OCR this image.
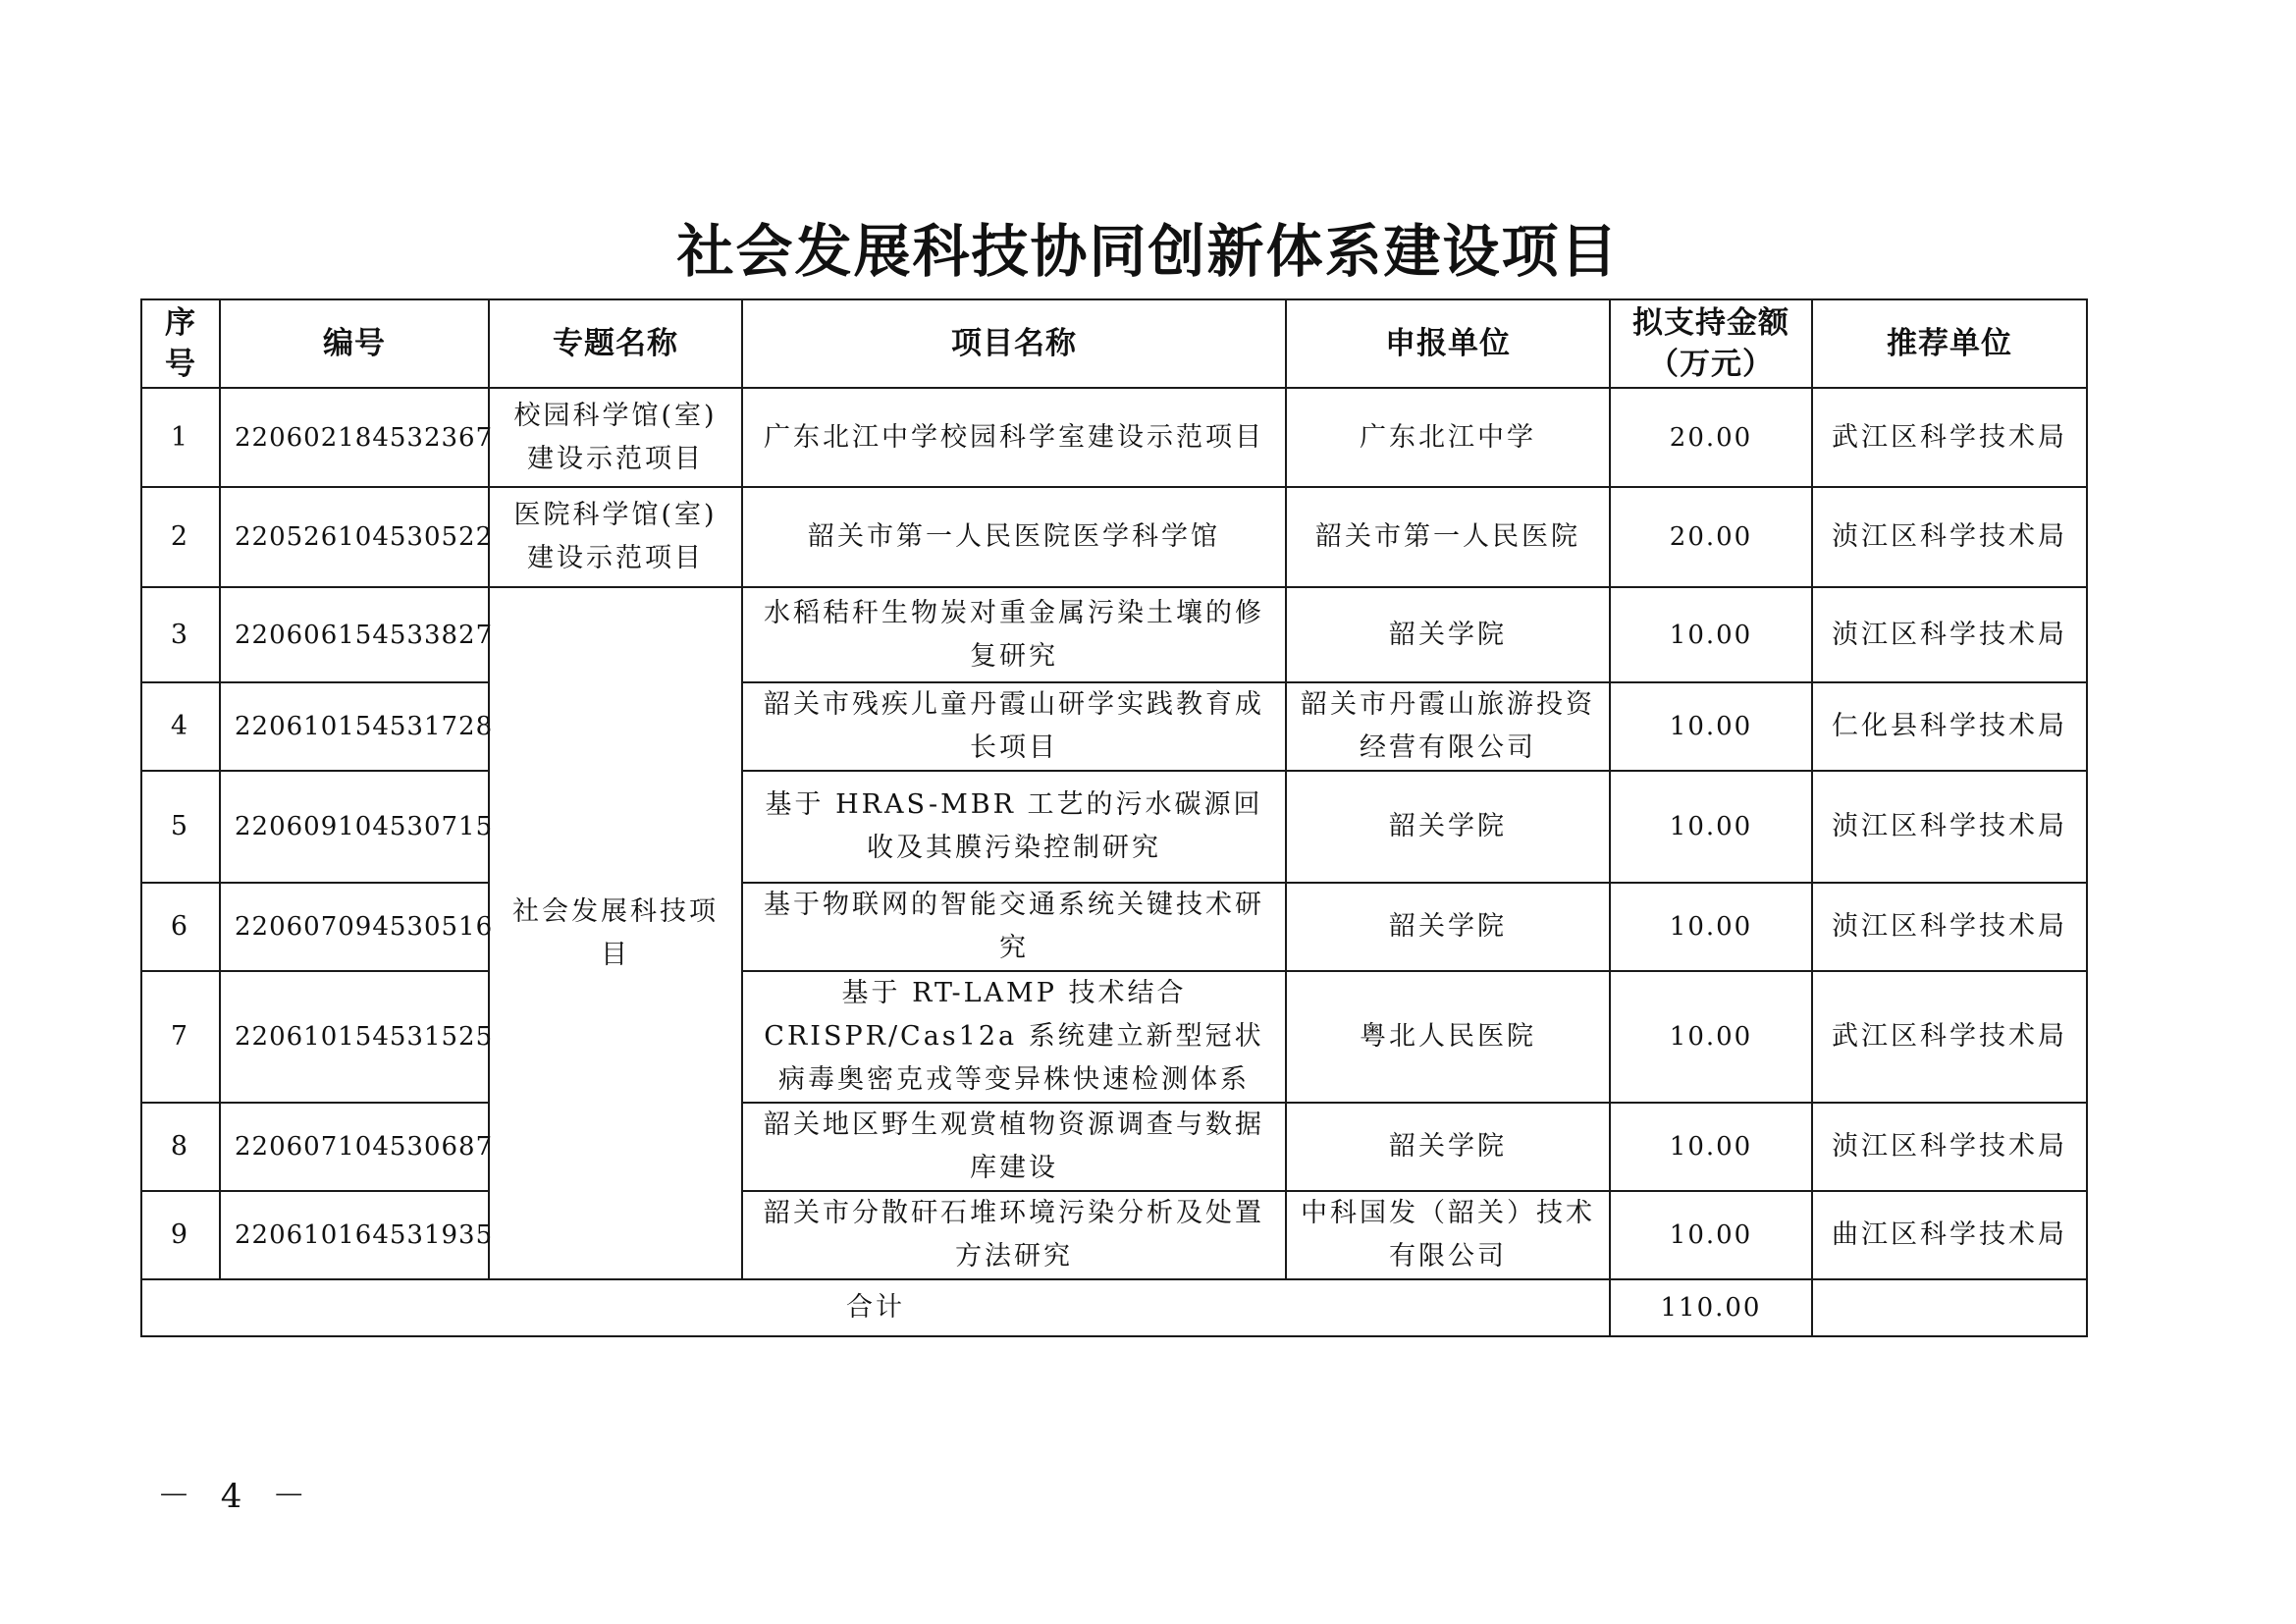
社会发展科技协同创新体系建设项目
序号	编号	专题名称	项目名称	申报单位	拟支持金额（万元）	推荐单位
1	220602184532367	校园科学馆(室)建设示范项目	广东北江中学校园科学室建设示范项目	广东北江中学	20.00	武江区科学技术局
2	220526104530522	医院科学馆(室)建设示范项目	韶关市第一人民医院医学科学馆	韶关市第一人民医院	20.00	浈江区科学技术局
3	220606154533827	社会发展科技项目	水稻秸秆生物炭对重金属污染土壤的修复研究	韶关学院	10.00	浈江区科学技术局
4	220610154531728		韶关市残疾儿童丹霞山研学实践教育成长项目	韶关市丹霞山旅游投资经营有限公司	10.00	仁化县科学技术局
5	220609104530715		基于 HRAS-MBR 工艺的污水碳源回收及其膜污染控制研究	韶关学院	10.00	浈江区科学技术局
6	220607094530516		基于物联网的智能交通系统关键技术研究	韶关学院	10.00	浈江区科学技术局
7	220610154531525		基于 RT-LAMP 技术结合 CRISPR/Cas12a 系统建立新型冠状病毒奥密克戎等变异株快速检测体系	粤北人民医院	10.00	武江区科学技术局
8	220607104530687		韶关地区野生观赏植物资源调查与数据库建设	韶关学院	10.00	浈江区科学技术局
9	220610164531935		韶关市分散矸石堆环境污染分析及处置方法研究	中科国发（韶关）技术有限公司	10.00	曲江区科学技术局
合计					110.00	
－ 4 －
